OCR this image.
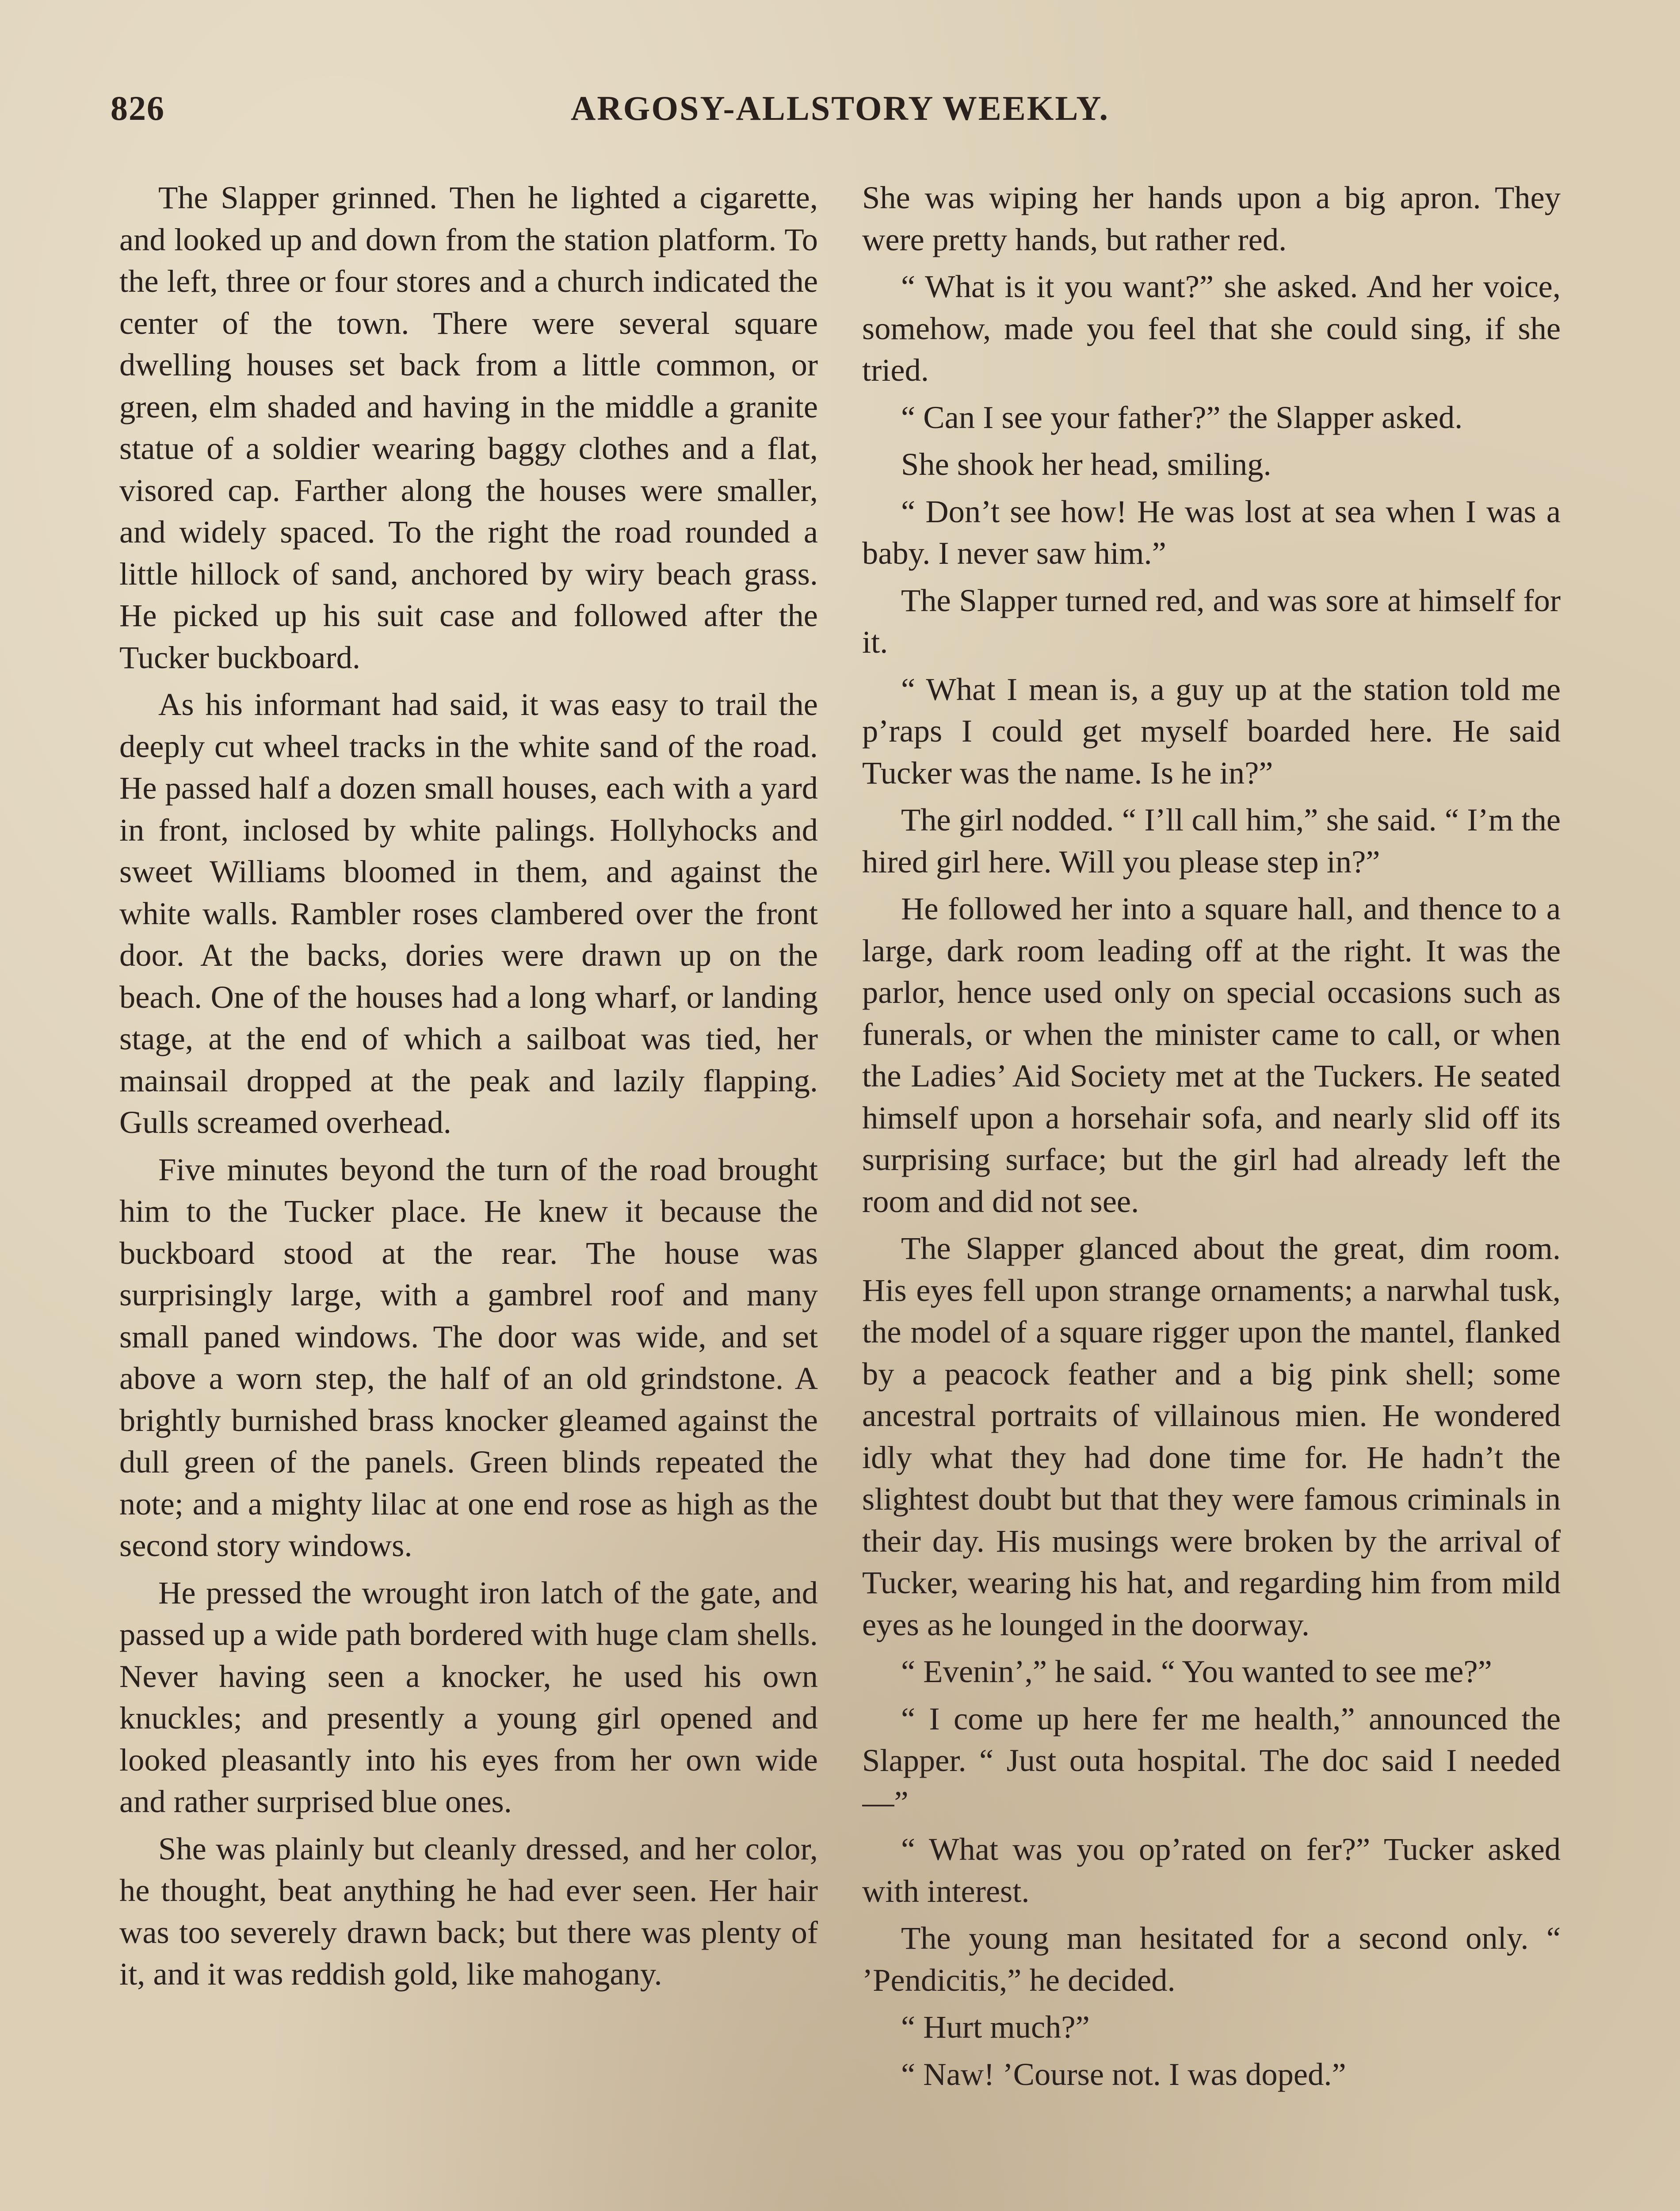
826	ARGOSY-ALLSTORY WEEKLY.

The Slapper grinned. Then he lighted a cigarette, and looked up and down from the station platform. To the left, three or four stores and a church indicated the center of the town. There were several square dwelling houses set back from a little common, or green, elm shaded and having in the middle a granite statue of a soldier wearing baggy clothes and a flat, visored cap. Farther along the houses were smaller, and widely spaced. To the right the road rounded a little hillock of sand, anchored by wiry beach grass. He picked up his suit case and followed after the Tucker buckboard.

As his informant had said, it was easy to trail the deeply cut wheel tracks in the white sand of the road. He passed half a dozen small houses, each with a yard in front, inclosed by white palings. Hollyhocks and sweet Williams bloomed in them, and against the white walls. Rambler roses clambered over the front door. At the backs, dories were drawn up on the beach. One of the houses had a long wharf, or landing stage, at the end of which a sailboat was tied, her mainsail dropped at the peak and lazily flapping. Gulls screamed overhead.

Five minutes beyond the turn of the road brought him to the Tucker place. He knew it because the buckboard stood at the rear. The house was surprisingly large, with a gambrel roof and many small paned windows. The door was wide, and set above a worn step, the half of an old grindstone. A brightly burnished brass knocker gleamed against the dull green of the panels. Green blinds repeated the note; and a mighty lilac at one end rose as high as the second story windows.

He pressed the wrought iron latch of the gate, and passed up a wide path bordered with huge clam shells. Never having seen a knocker, he used his own knuckles; and presently a young girl opened and looked pleasantly into his eyes from her own wide and rather surprised blue ones.

She was plainly but cleanly dressed, and her color, he thought, beat anything he had ever seen. Her hair was too severely drawn back; but there was plenty of it, and it was reddish gold, like mahogany.

She was wiping her hands upon a big apron. They were pretty hands, but rather red.

“ What is it you want?” she asked. And her voice, somehow, made you feel that she could sing, if she tried.

“ Can I see your father?” the Slapper asked.

She shook her head, smiling.

“ Don’t see how! He was lost at sea when I was a baby. I never saw him.”

The Slapper turned red, and was sore at himself for it.

“ What I mean is, a guy up at the station told me p’raps I could get myself boarded here. He said Tucker was the name. Is he in?”

The girl nodded. “ I’ll call him,” she said. “ I’m the hired girl here. Will you please step in?”

He followed her into a square hall, and thence to a large, dark room leading off at the right. It was the parlor, hence used only on special occasions such as funerals, or when the minister came to call, or when the Ladies’ Aid Society met at the Tuckers. He seated himself upon a horsehair sofa, and nearly slid off its surprising surface; but the girl had already left the room and did not see.

The Slapper glanced about the great, dim room. His eyes fell upon strange ornaments; a narwhal tusk, the model of a square rigger upon the mantel, flanked by a peacock feather and a big pink shell; some ancestral portraits of villainous mien. He wondered idly what they had done time for. He hadn’t the slightest doubt but that they were famous criminals in their day. His musings were broken by the arrival of Tucker, wearing his hat, and regarding him from mild eyes as he lounged in the doorway.

“ Evenin’,” he said. “ You wanted to see me?”

“ I come up here fer me health,” announced the Slapper. “ Just outa hospital. The doc said I needed—”

“ What was you op’rated on fer?” Tucker asked with interest.

The young man hesitated for a second only. “ ’Pendicitis,” he decided.

“ Hurt much?”

“ Naw! ’Course not. I was doped.”
